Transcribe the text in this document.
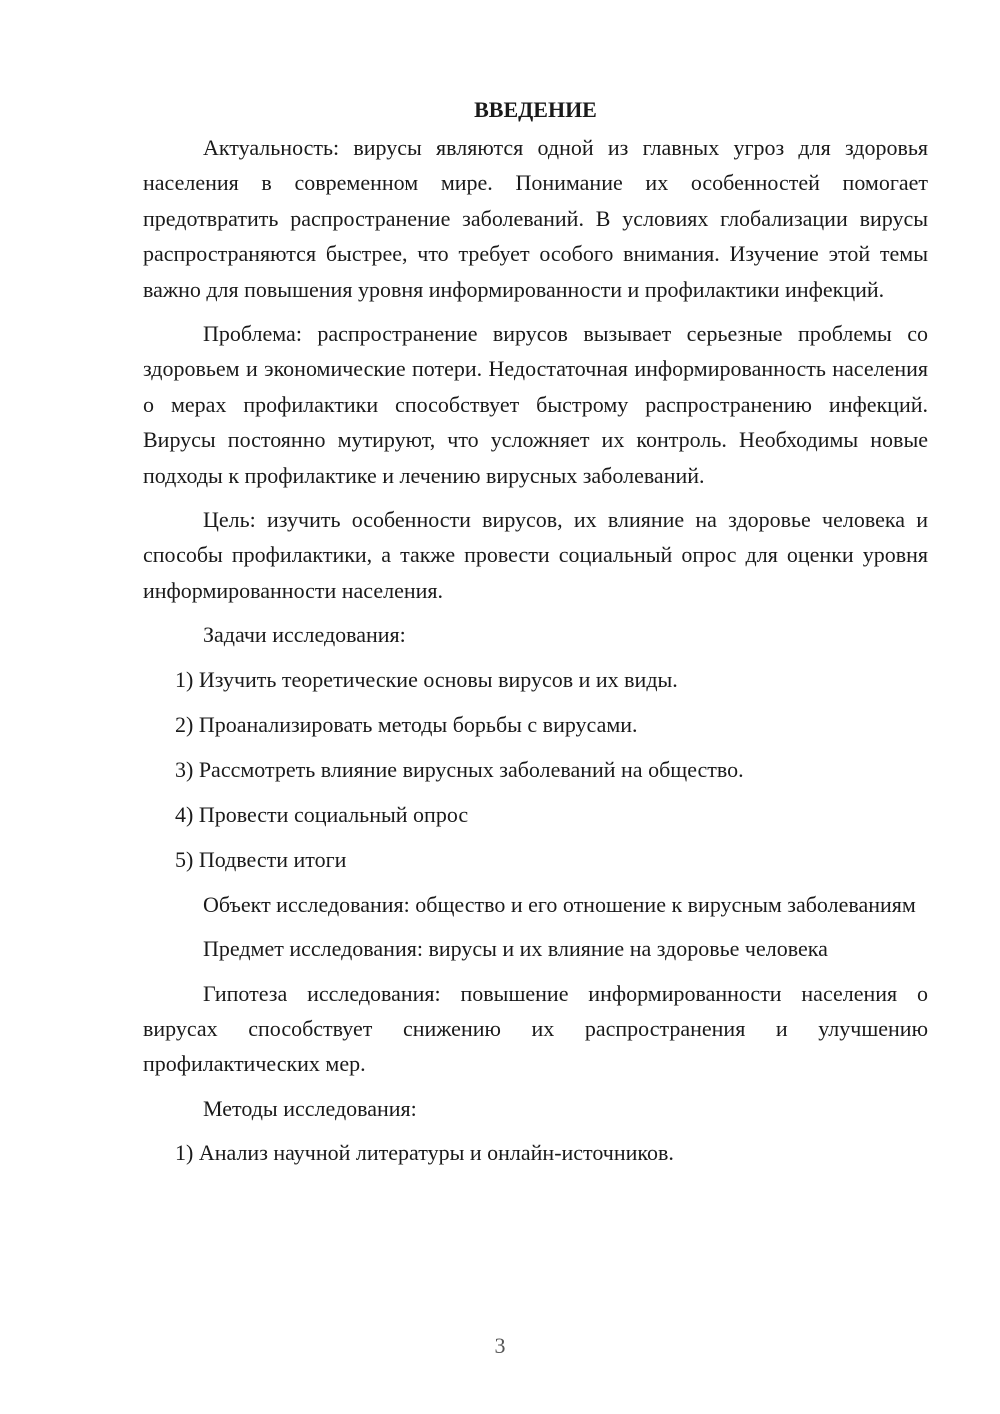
ВВЕДЕНИЕ

Актуальность: вирусы являются одной из главных угроз для здоровья населения в современном мире. Понимание их особенностей помогает предотвратить распространение заболеваний. В условиях глобализации вирусы распространяются быстрее, что требует особого внимания. Изучение этой темы важно для повышения уровня информированности и профилактики инфекций.

Проблема: распространение вирусов вызывает серьезные проблемы со здоровьем и экономические потери. Недостаточная информированность населения о мерах профилактики способствует быстрому распространению инфекций. Вирусы постоянно мутируют, что усложняет их контроль. Необходимы новые подходы к профилактике и лечению вирусных заболеваний.

Цель: изучить особенности вирусов, их влияние на здоровье человека и способы профилактики, а также провести социальный опрос для оценки уровня информированности населения.

Задачи исследования:

1) Изучить теоретические основы вирусов и их виды.
2) Проанализировать методы борьбы с вирусами.
3) Рассмотреть влияние вирусных заболеваний на общество.
4) Провести социальный опрос
5) Подвести итоги

Объект исследования: общество и его отношение к вирусным заболеваниям

Предмет исследования: вирусы и их влияние на здоровье человека

Гипотеза исследования: повышение информированности населения о вирусах способствует снижению их распространения и улучшению профилактических мер.

Методы исследования:

1) Анализ научной литературы и онлайн-источников.
3
